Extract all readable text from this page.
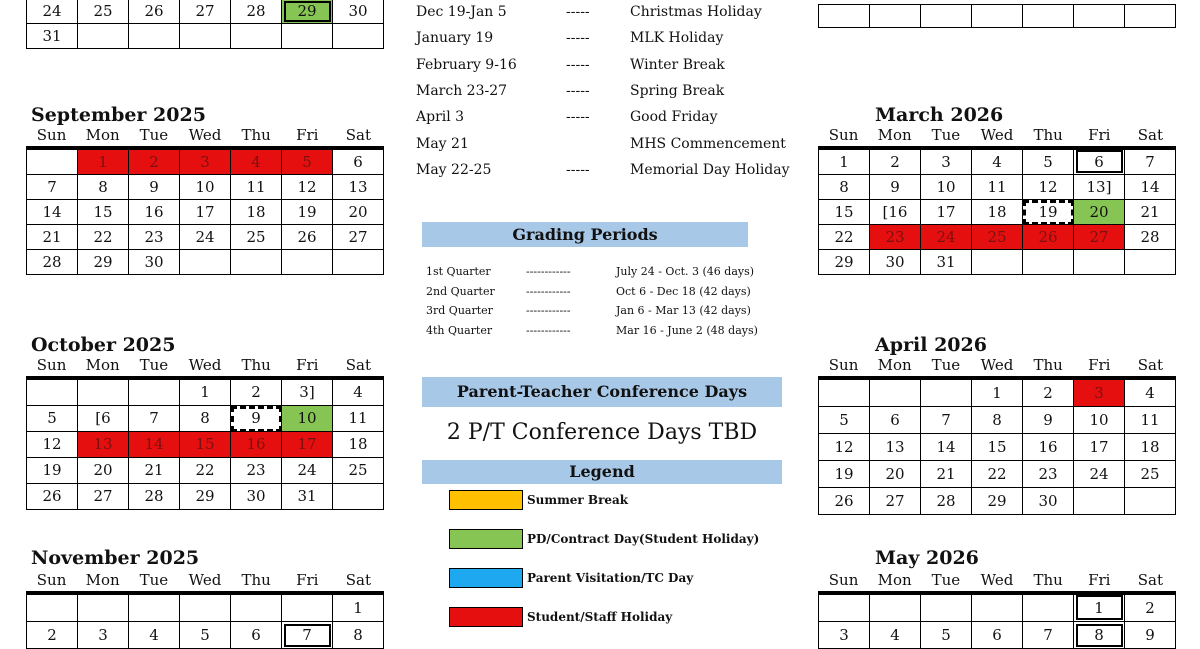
24	25	26	27	28	29	30
31						
September 2025
Sun	Mon	Tue	Wed	Thu	Fri	Sat
	1	2	3	4	5	6
7	8	9	10	11	12	13
14	15	16	17	18	19	20
21	22	23	24	25	26	27
28	29	30				
October 2025
Sun	Mon	Tue	Wed	Thu	Fri	Sat
			1	2	3]	4
5	[6	7	8	9	10	11
12	13	14	15	16	17	18
19	20	21	22	23	24	25
26	27	28	29	30	31	
November 2025
Sun	Mon	Tue	Wed	Thu	Fri	Sat
						1
2	3	4	5	6	7	8

March 2026
Sun	Mon	Tue	Wed	Thu	Fri	Sat
1	2	3	4	5	6	7
8	9	10	11	12	13]	14
15	[16	17	18	19	20	21
22	23	24	25	26	27	28
29	30	31				
April 2026
Sun	Mon	Tue	Wed	Thu	Fri	Sat
			1	2	3	4
5	6	7	8	9	10	11
12	13	14	15	16	17	18
19	20	21	22	23	24	25
26	27	28	29	30		
May 2026
Sun	Mon	Tue	Wed	Thu	Fri	Sat
					1	2
3	4	5	6	7	8	9
Dec 19-Jan 5	-----	Christmas Holiday
January 19	-----	MLK Holiday
February 9-16	-----	Winter Break
March 23-27	-----	Spring Break
April 3	-----	Good Friday
May 21	MHS Commencement
May 22-25	-----	Memorial Day Holiday
Grading Periods
1st Quarter	------------	July 24 - Oct. 3 (46 days)
2nd Quarter	------------	Oct 6 - Dec 18 (42 days)
3rd Quarter	------------	Jan 6 - Mar 13 (42 days)
4th Quarter	------------	Mar 16 - June 2 (48 days)
Parent-Teacher Conference Days
2 P/T Conference Days TBD
Legend
Summer Break
PD/Contract Day(Student Holiday)
Parent Visitation/TC Day
Student/Staff Holiday
